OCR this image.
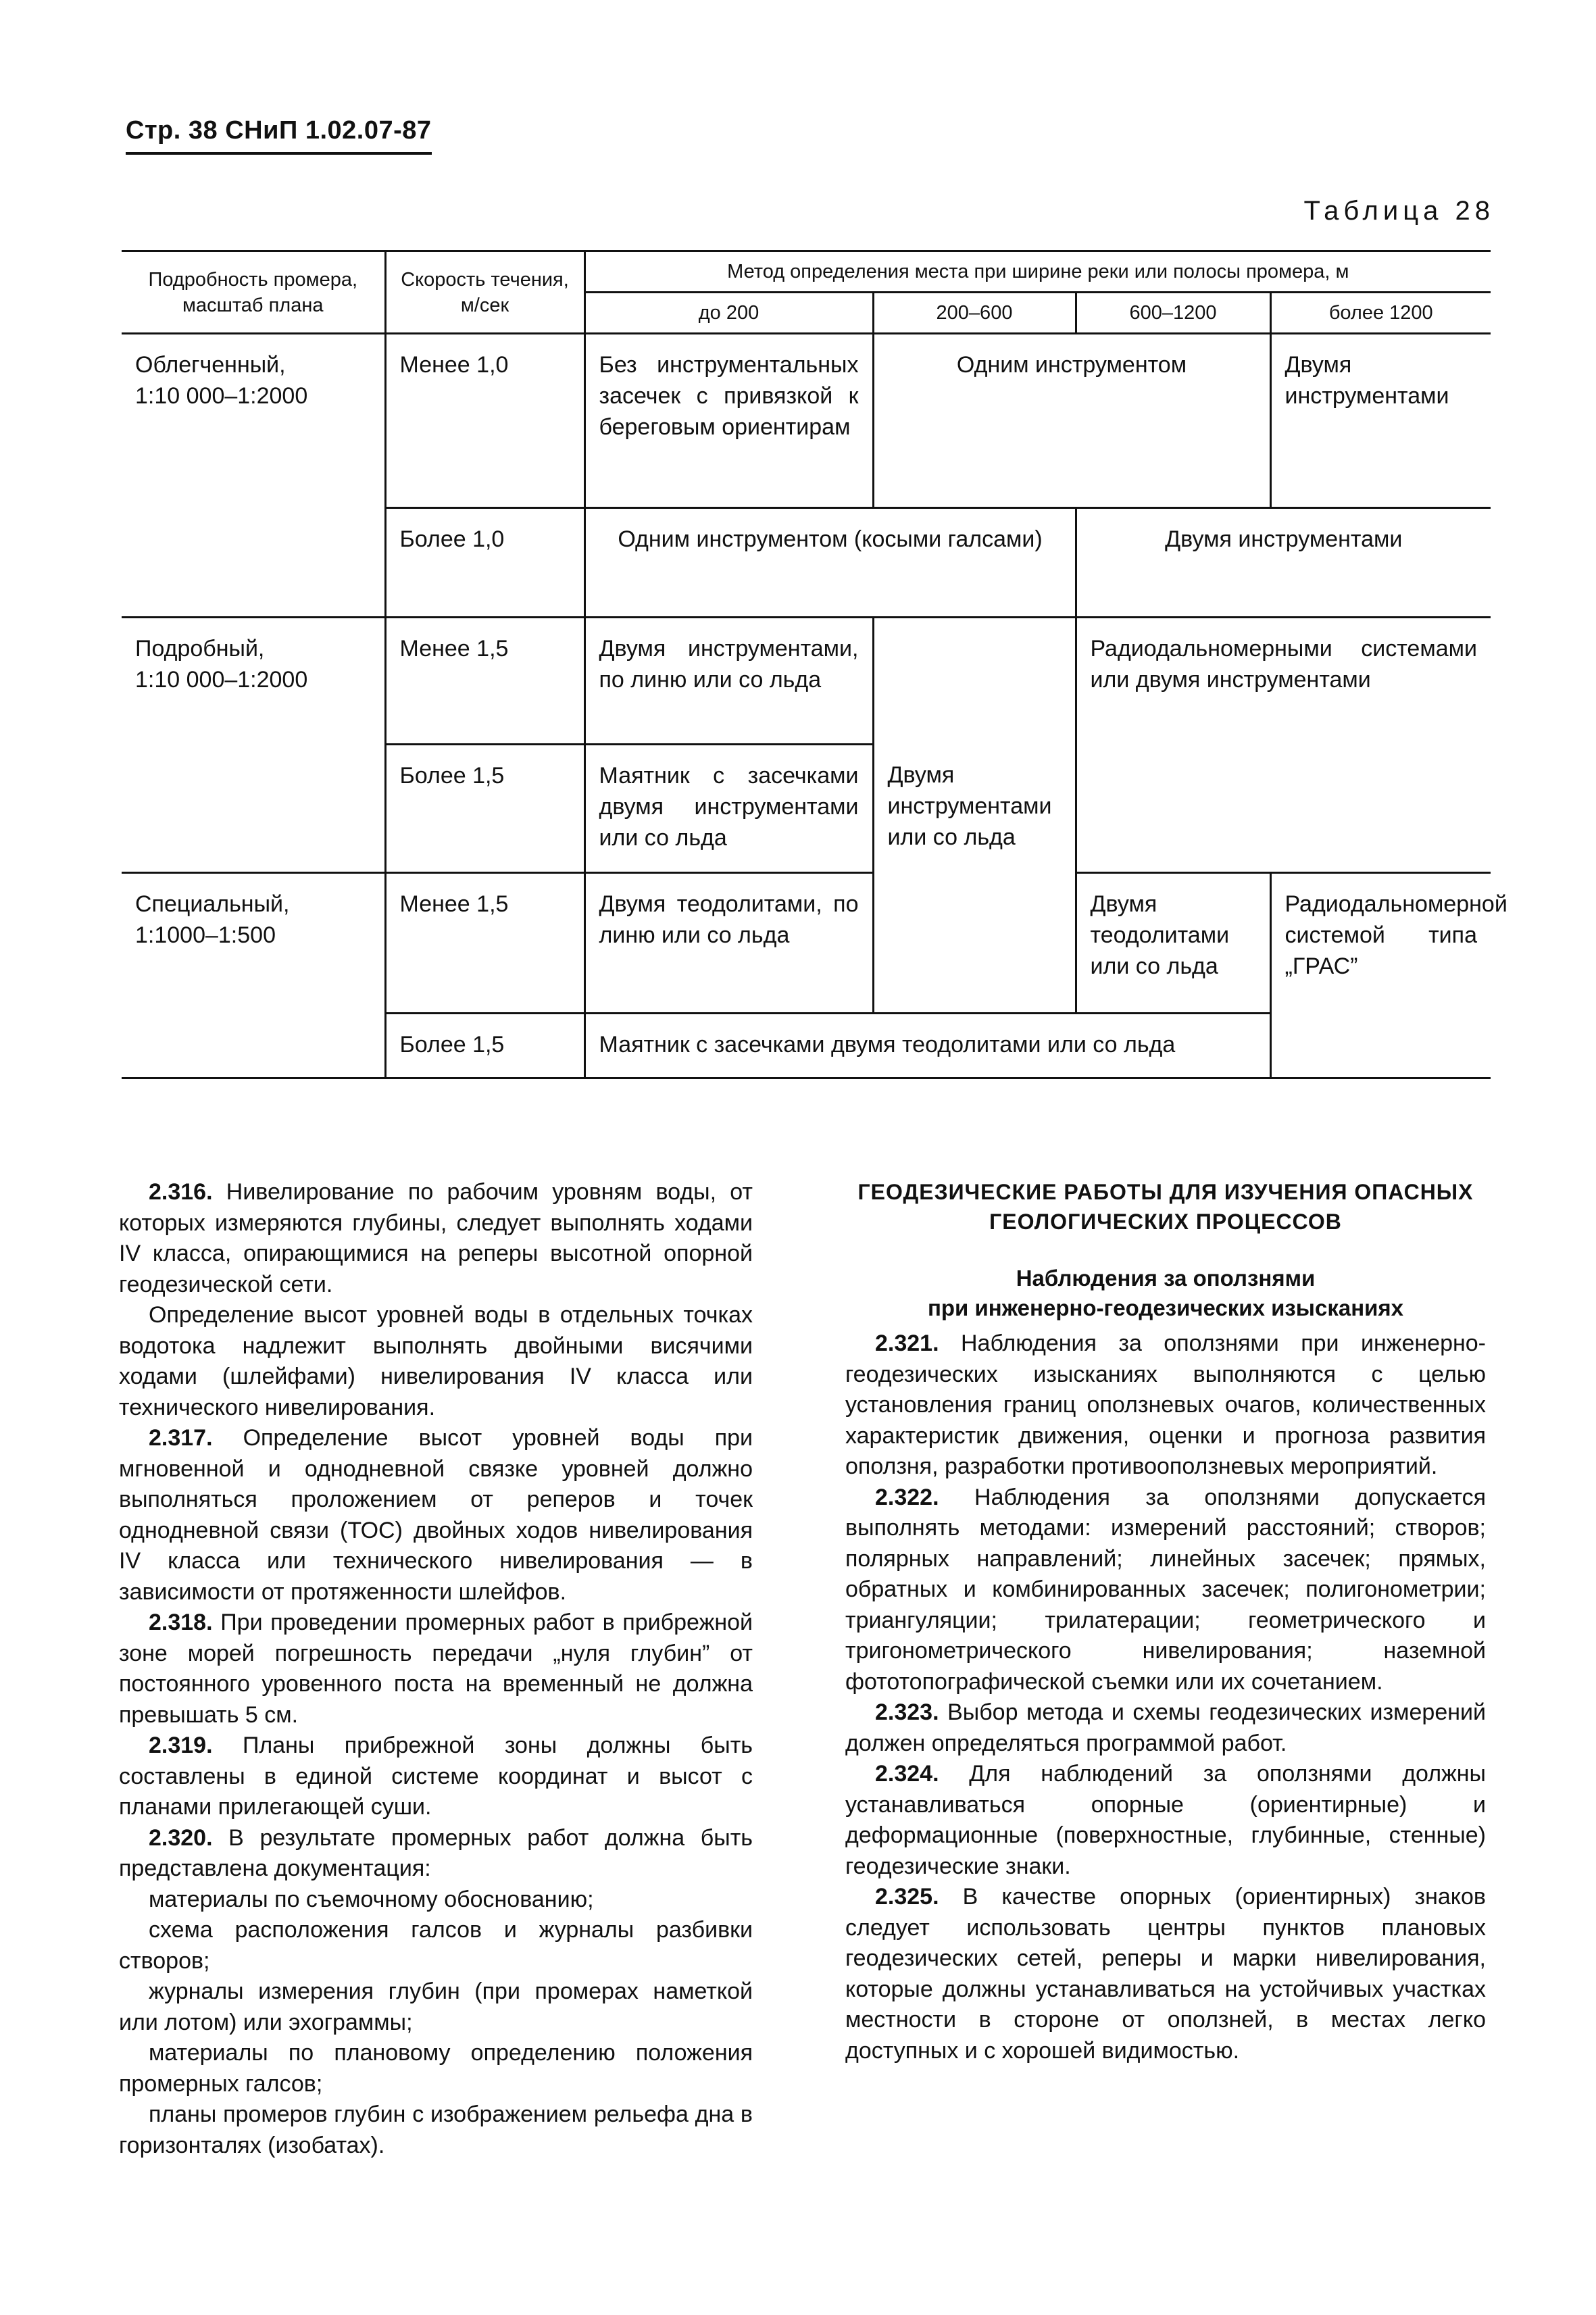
Стр. 38 СНиП 1.02.07-87
Таблица 28
Подробность промера, масштаб плана	Скорость течения, м/сек	Метод определения места при ширине реки или полосы промера, м			
		до 200	200–600	600–1200	более 1200

Облегченный,
1:10 000–1:2000	Менее 1,0	Без инструментальных засечек с привязкой к береговым ориентирам	Одним инструментом		Двумя инструментами
	Более 1,0	Одним инструментом (косыми галсами)		Двумя инструментами	

Подробный,
1:10 000–1:2000	Менее 1,5	Двумя инструментами, по линю или со льда		Радиодальномерными системами или двумя инструментами	
	Более 1,5	Маятник с засечками двумя инструментами или со льда	Двумя инструментами или со льда		

Специальный,
1:1000–1:500	Менее 1,5	Двумя теодолитами, по линю или со льда		Двумя теодолитами или со льда	Радиодальномерной системой типа „ГРАС”
	Более 1,5	Маятник с засечками двумя теодолитами или со льда			

2.316. Нивелирование по рабочим уровням воды, от которых измеряются глубины, следует выполнять ходами IV класса, опирающимися на реперы высотной опорной геодезической сети.

Определение высот уровней воды в отдельных точках водотока надлежит выполнять двойными висячими ходами (шлейфами) нивелирования IV класса или технического нивелирования.

2.317. Определение высот уровней воды при мгновенной и однодневной связке уровней должно выполняться проложением от реперов и точек однодневной связи (ТОС) двойных ходов нивелирования IV класса или технического нивелирования — в зависимости от протяженности шлейфов.

2.318. При проведении промерных работ в прибрежной зоне морей погрешность передачи „нуля глубин” от постоянного уровенного поста на временный не должна превышать 5 см.

2.319. Планы прибрежной зоны должны быть составлены в единой системе координат и высот с планами прилегающей суши.

2.320. В результате промерных работ должна быть представлена документация:

материалы по съемочному обоснованию;

схема расположения галсов и журналы разбивки створов;

журналы измерения глубин (при промерах наметкой или лотом) или эхограммы;

материалы по плановому определению положения промерных галсов;

планы промеров глубин с изображением рельефа дна в горизонталях (изобатах).

ГЕОДЕЗИЧЕСКИЕ РАБОТЫ ДЛЯ ИЗУЧЕНИЯ ОПАСНЫХ ГЕОЛОГИЧЕСКИХ ПРОЦЕССОВ
Наблюдения за оползнями
при инженерно-геодезических изысканиях

2.321. Наблюдения за оползнями при инженерно-геодезических изысканиях выполняются с целью установления границ оползневых очагов, количественных характеристик движения, оценки и прогноза развития оползня, разработки противооползневых мероприятий.

2.322. Наблюдения за оползнями допускается выполнять методами: измерений расстояний; створов; полярных направлений; линейных засечек; прямых, обратных и комбинированных засечек; полигонометрии; триангуляции; трилатерации; геометрического и тригонометрического нивелирования; наземной фототопографической съемки или их сочетанием.

2.323. Выбор метода и схемы геодезических измерений должен определяться программой работ.

2.324. Для наблюдений за оползнями должны устанавливаться опорные (ориентирные) и деформационные (поверхностные, глубинные, стенные) геодезические знаки.

2.325. В качестве опорных (ориентирных) знаков следует использовать центры пунктов плановых геодезических сетей, реперы и марки нивелирования, которые должны устанавливаться на устойчивых участках местности в стороне от оползней, в местах легко доступных и с хорошей видимостью.
